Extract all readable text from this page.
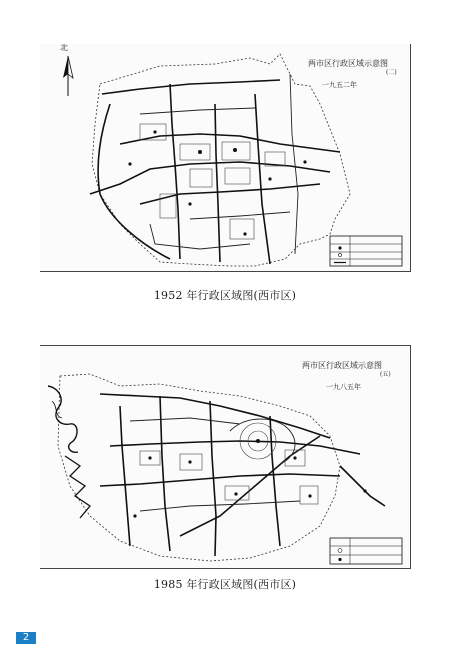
北
两市区行政区域示意图
(二)
一九五二年
1952 年行政区域图(西市区)
两市区行政区域示意图
(五)
一九八五年
1985 年行政区域图(西市区)
2
